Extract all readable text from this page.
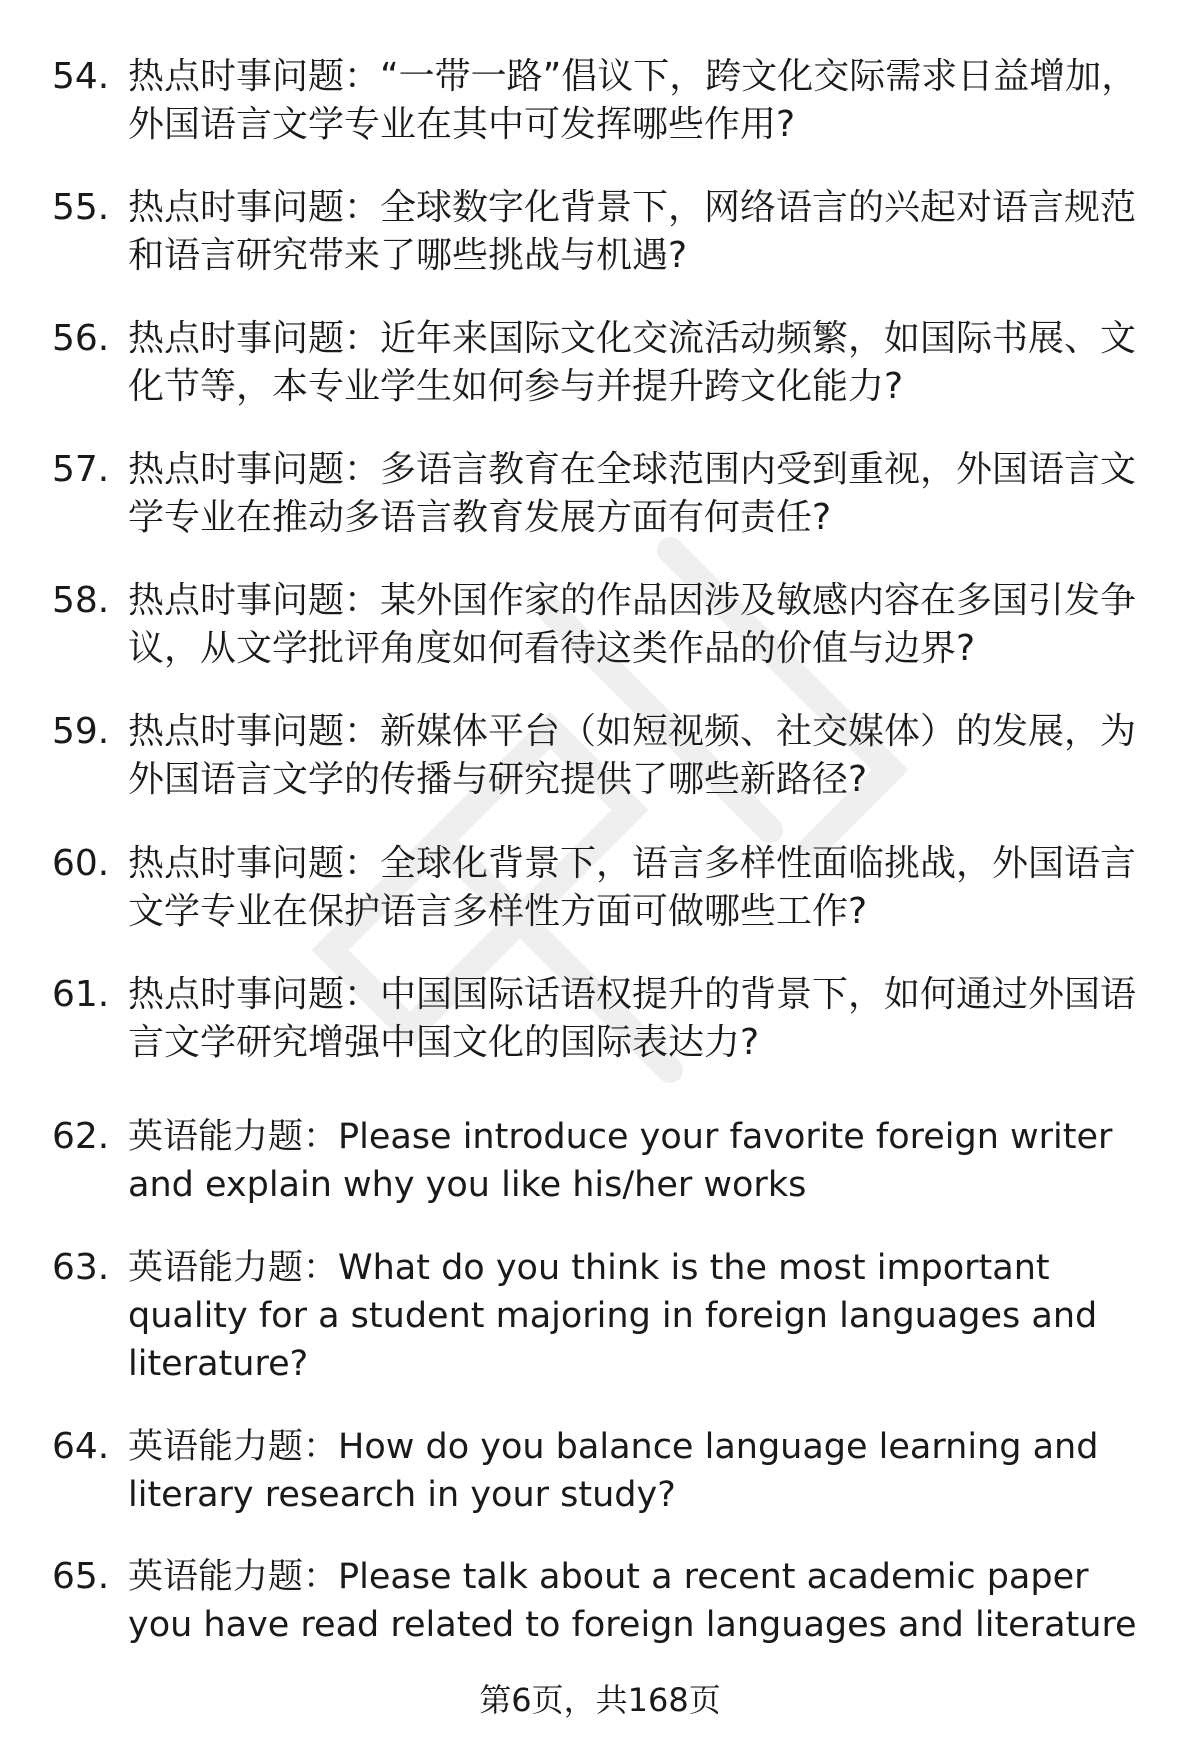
54. 热点时事问题：“一带一路”倡议下，跨文化交际需求日益增加，外国语言文学专业在其中可发挥哪些作用?
55. 热点时事问题：全球数字化背景下，网络语言的兴起对语言规范和语言研究带来了哪些挑战与机遇?
56. 热点时事问题：近年来国际文化交流活动频繁，如国际书展、文化节等，本专业学生如何参与并提升跨文化能力?
57. 热点时事问题：多语言教育在全球范围内受到重视，外国语言文学专业在推动多语言教育发展方面有何责任?
58. 热点时事问题：某外国作家的作品因涉及敏感内容在多国引发争议，从文学批评角度如何看待这类作品的价值与边界?
59. 热点时事问题：新媒体平台（如短视频、社交媒体）的发展，为外国语言文学的传播与研究提供了哪些新路径?
60. 热点时事问题：全球化背景下，语言多样性面临挑战，外国语言文学专业在保护语言多样性方面可做哪些工作?
61. 热点时事问题：中国国际话语权提升的背景下，如何通过外国语言文学研究增强中国文化的国际表达力?
62. 英语能力题：Please introduce your favorite foreign writer and explain why you like his/her works
63. 英语能力题：What do you think is the most important quality for a student majoring in foreign languages and literature?
64. 英语能力题：How do you balance language learning and literary research in your study?
65. 英语能力题：Please talk about a recent academic paper you have read related to foreign languages and literature
第6页，共168页
